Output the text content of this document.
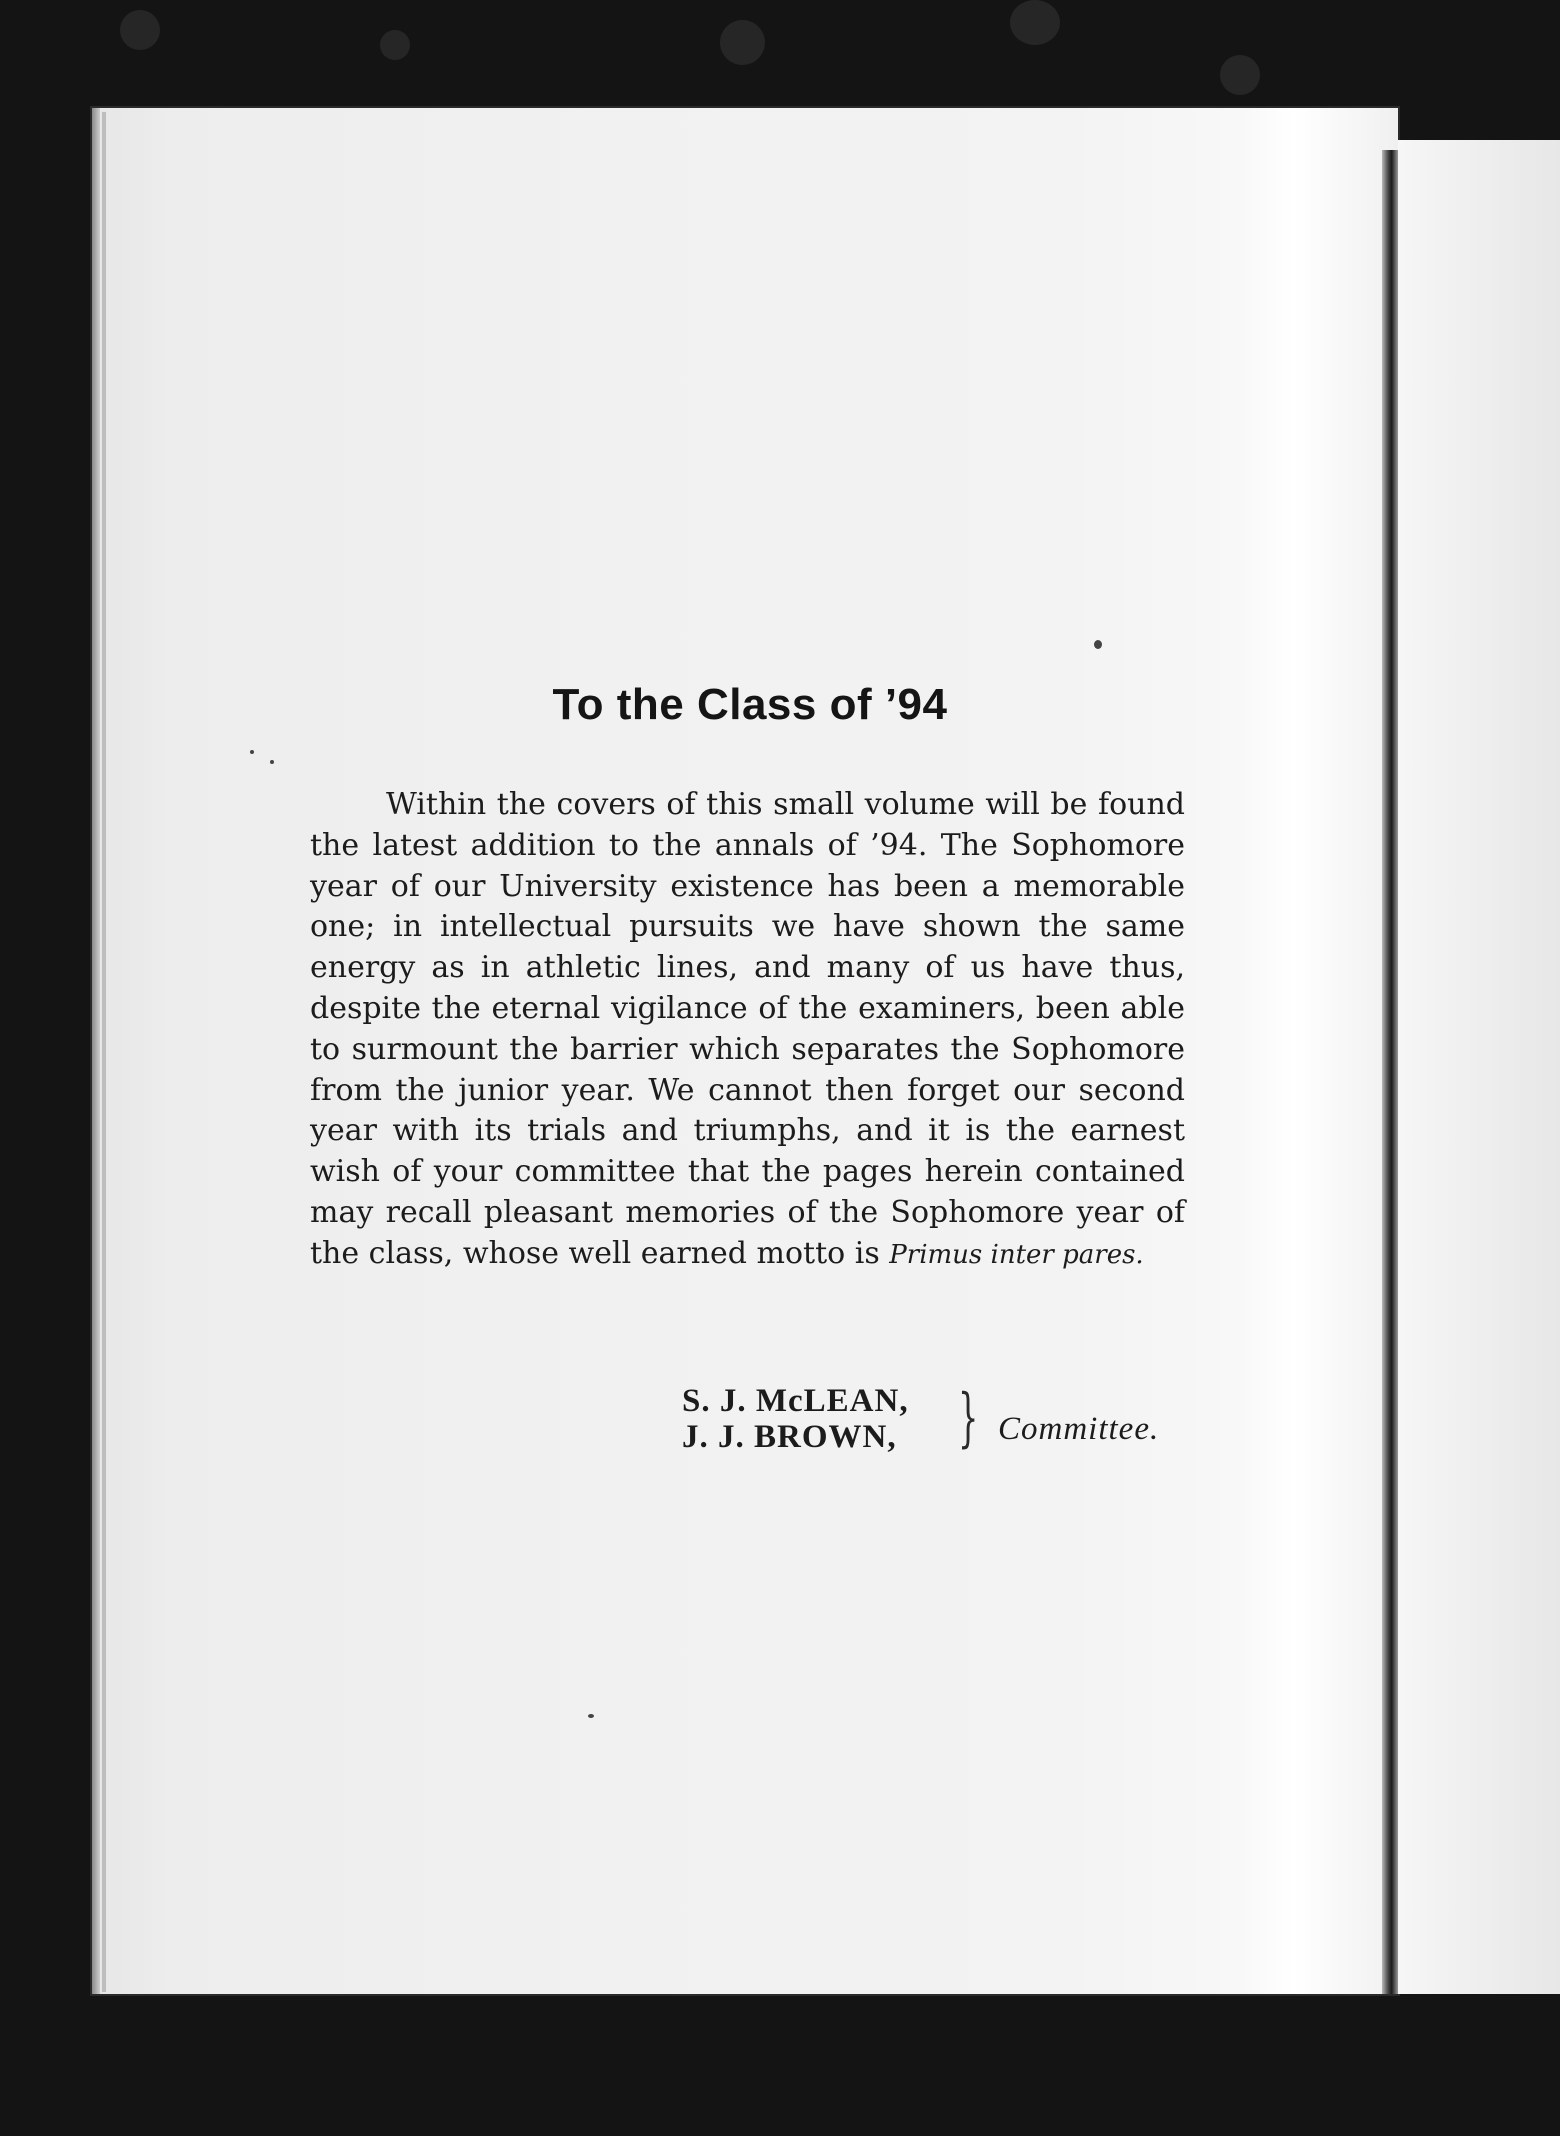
To the Class of ’94

Within the covers of this small volume will be found the latest addition to the annals of ’94. The Sophomore year of our University existence has been a memorable one; in intellectual pursuits we have shown the same energy as in athletic lines, and many of us have thus, despite the eternal vigilance of the examiners, been able to surmount the barrier which separates the Sophomore from the junior year. We cannot then forget our second year with its trials and triumphs, and it is the earnest wish of your committee that the pages herein contained may recall pleasant memories of the Sophomore year of the class, whose well earned motto is Primus inter pares.

S. J. McLEAN,
J. J. BROWN, } Committee.
